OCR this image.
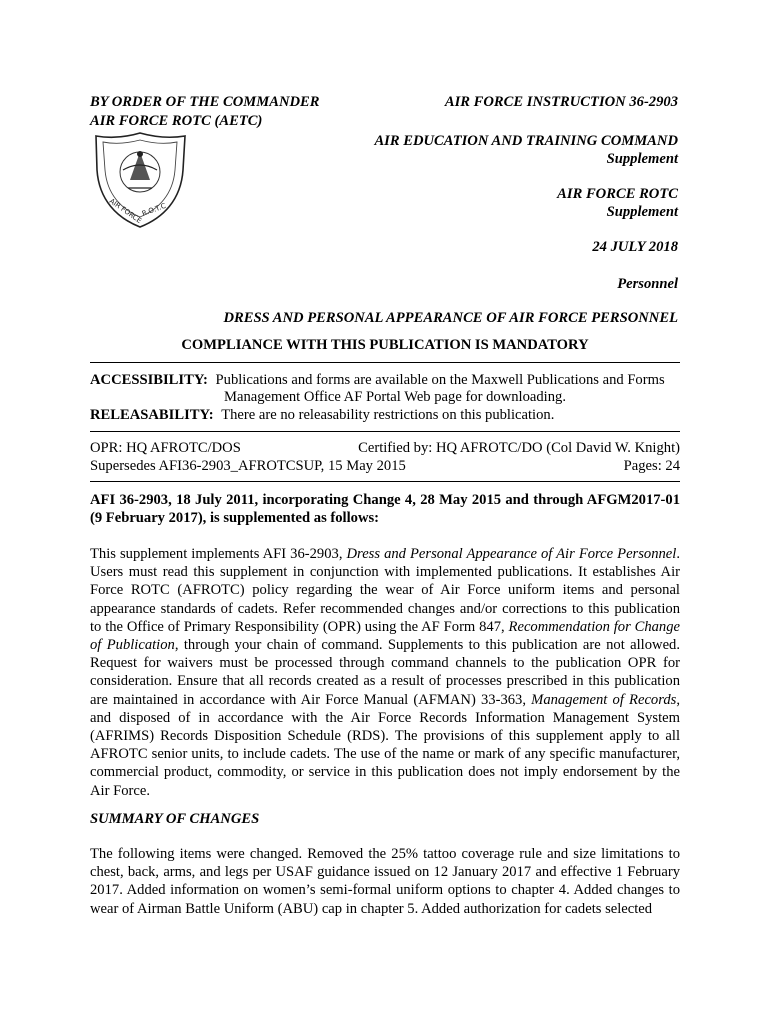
BY ORDER OF THE COMMANDER
AIR FORCE ROTC (AETC)
AIR FORCE
R.O.T.C
AIR FORCE INSTRUCTION 36-2903
AIR EDUCATION AND TRAINING COMMAND
Supplement
AIR FORCE ROTC
Supplement
24 JULY 2018
Personnel
DRESS AND PERSONAL APPEARANCE OF AIR FORCE PERSONNEL
COMPLIANCE WITH THIS PUBLICATION IS MANDATORY
ACCESSIBILITY: Publications and forms are available on the Maxwell Publications and Forms
Management Office AF Portal Web page for downloading.
RELEASABILITY: There are no releasability restrictions on this publication.
OPR: HQ AFROTC/DOS	Certified by: HQ AFROTC/DO (Col David W. Knight)
Supersedes AFI36-2903_AFROTCSUP, 15 May 2015	Pages: 24
AFI 36-2903, 18 July 2011, incorporating Change 4, 28 May 2015 and through AFGM2017-01 (9 February 2017), is supplemented as follows:
This supplement implements AFI 36-2903, Dress and Personal Appearance of Air Force Personnel. Users must read this supplement in conjunction with implemented publications. It establishes Air Force ROTC (AFROTC) policy regarding the wear of Air Force uniform items and personal appearance standards of cadets. Refer recommended changes and/or corrections to this publication to the Office of Primary Responsibility (OPR) using the AF Form 847, Recommendation for Change of Publication, through your chain of command. Supplements to this publication are not allowed. Request for waivers must be processed through command channels to the publication OPR for consideration. Ensure that all records created as a result of processes prescribed in this publication are maintained in accordance with Air Force Manual (AFMAN) 33-363, Management of Records, and disposed of in accordance with the Air Force Records Information Management System (AFRIMS) Records Disposition Schedule (RDS). The provisions of this supplement apply to all AFROTC senior units, to include cadets. The use of the name or mark of any specific manufacturer, commercial product, commodity, or service in this publication does not imply endorsement by the Air Force.
SUMMARY OF CHANGES
The following items were changed. Removed the 25% tattoo coverage rule and size limitations to chest, back, arms, and legs per USAF guidance issued on 12 January 2017 and effective 1 February 2017. Added information on women’s semi-formal uniform options to chapter 4. Added changes to wear of Airman Battle Uniform (ABU) cap in chapter 5. Added authorization for cadets selected
